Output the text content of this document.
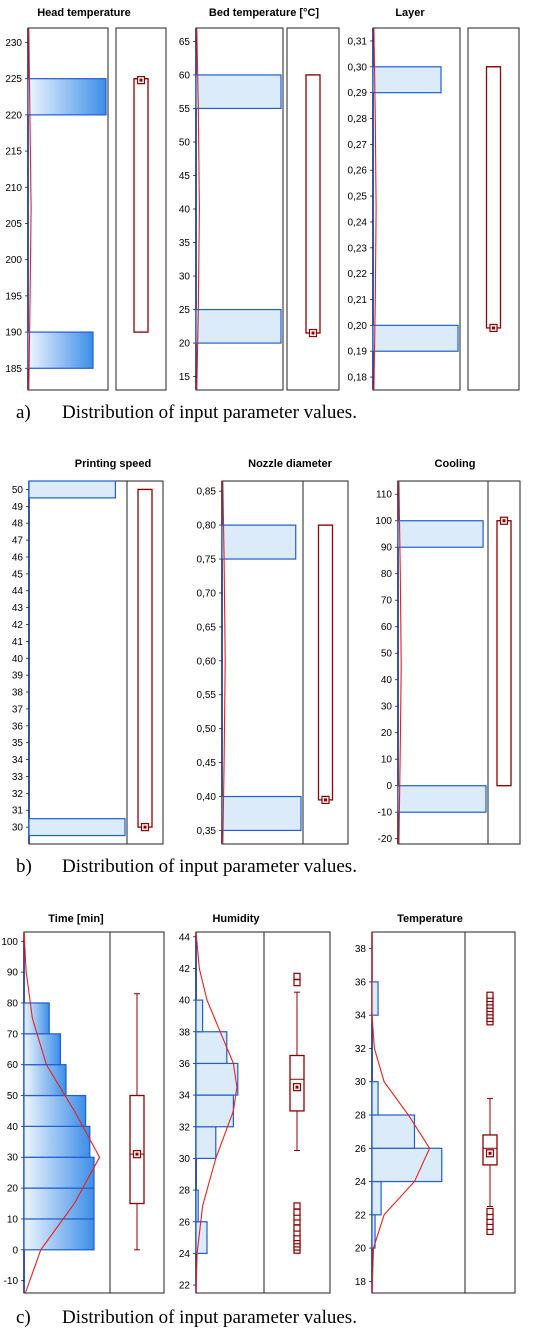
Head temperature
185
190
195
200
205
210
215
220
225
230
Bed temperature [°C]
15
20
25
30
35
40
45
50
55
60
65
Layer
0,18
0,19
0,20
0,21
0,22
0,23
0,24
0,25
0,26
0,27
0,28
0,29
0,30
0,31
Printing speed
30
31
32
33
34
35
36
37
38
39
40
41
42
43
44
45
46
47
48
49
50
Nozzle diameter
0,35
0,40
0,45
0,50
0,55
0,60
0,65
0,70
0,75
0,80
0,85
Cooling
-20
-10
0
10
20
30
40
50
60
70
80
90
100
110
Time [min]
-10
0
10
20
30
40
50
60
70
80
90
100
Humidity
22
24
26
28
30
32
34
36
38
40
42
44
Temperature
18
20
22
24
26
28
30
32
34
36
38
a) Distribution of input parameter values.
b) Distribution of input parameter values.
c) Distribution of input parameter values.
